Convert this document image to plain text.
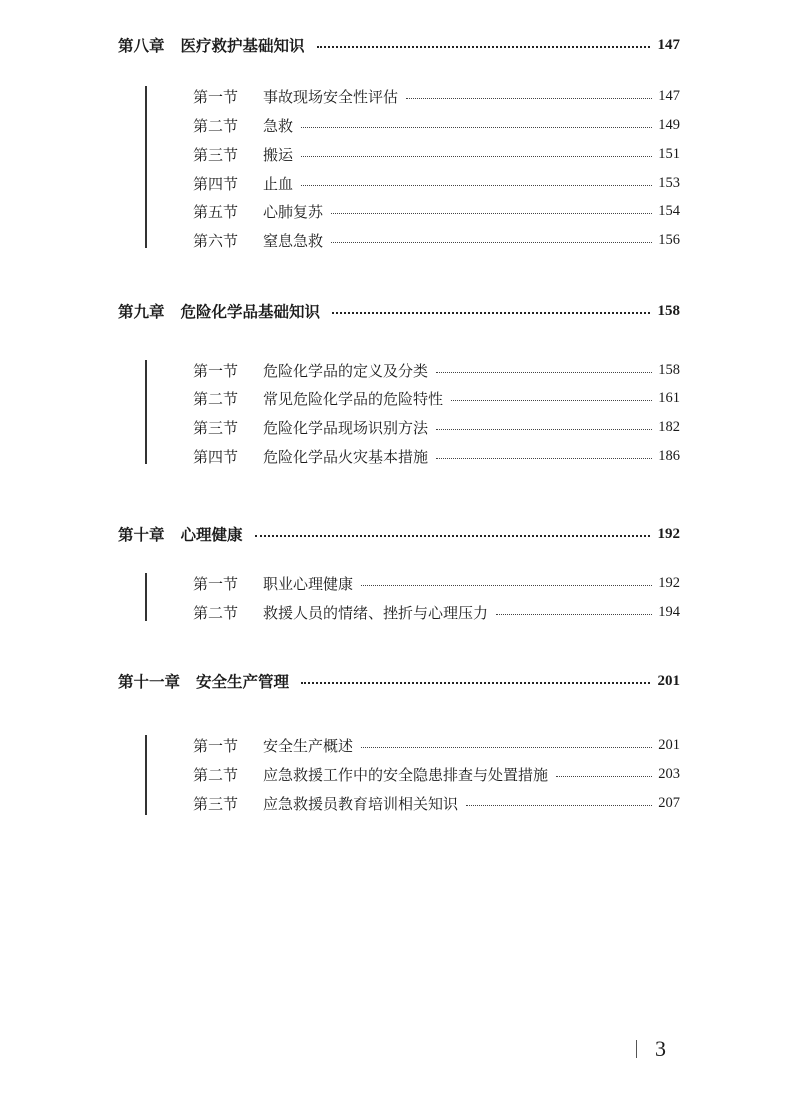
第八章 医疗救护基础知识	147
第一节	事故现场安全性评估	147
第二节	急救	149
第三节	搬运	151
第四节	止血	153
第五节	心肺复苏	154
第六节	窒息急救	156
第九章 危险化学品基础知识	158
第一节	危险化学品的定义及分类	158
第二节	常见危险化学品的危险特性	161
第三节	危险化学品现场识别方法	182
第四节	危险化学品火灾基本措施	186
第十章 心理健康	192
第一节	职业心理健康	192
第二节	救援人员的情绪、挫折与心理压力	194
第十一章 安全生产管理	201
第一节	安全生产概述	201
第二节	应急救援工作中的安全隐患排查与处置措施	203
第三节	应急救援员教育培训相关知识	207
3
